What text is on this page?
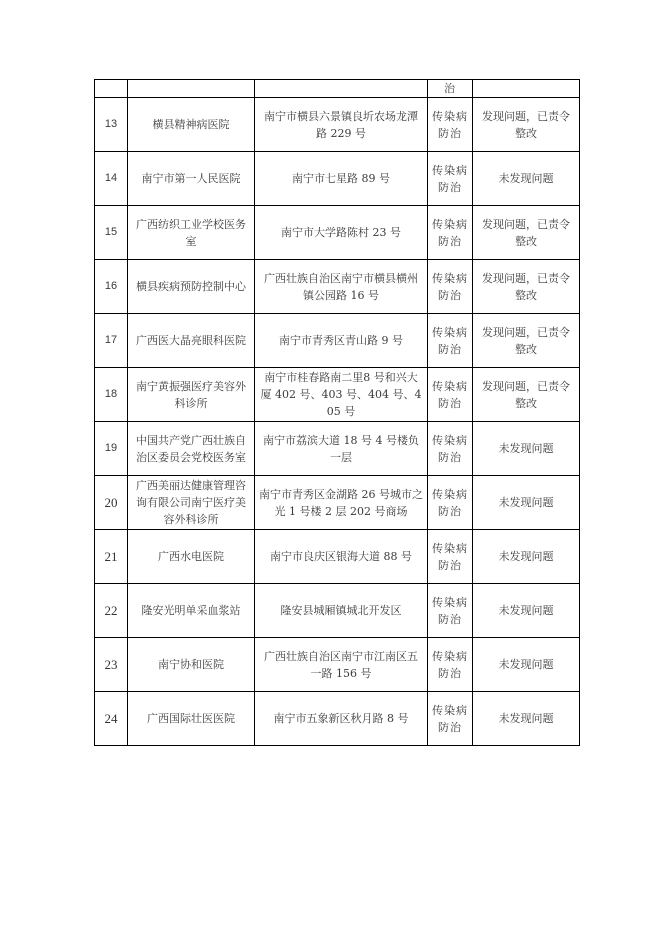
			治	
13	横县精神病医院	南宁市横县六景镇良圻农场龙潭路 229 号	传染病防治	发现问题，已责令整改
14	南宁市第一人民医院	南宁市七星路 89 号	传染病防治	未发现问题
15	广西纺织工业学校医务室	南宁市大学路陈村 23 号	传染病防治	发现问题，已责令整改
16	横县疾病预防控制中心	广西壮族自治区南宁市横县横州镇公园路 16 号	传染病防治	发现问题，已责令整改
17	广西医大晶亮眼科医院	南宁市青秀区青山路 9 号	传染病防治	发现问题，已责令整改
18	南宁黄振强医疗美容外科诊所	南宁市桂春路南二里8 号和兴大厦 402 号、403 号、404 号、405 号	传染病防治	发现问题，已责令整改
19	中国共产党广西壮族自治区委员会党校医务室	南宁市荔滨大道 18 号 4 号楼负一层	传染病防治	未发现问题
20	广西美丽达健康管理咨询有限公司南宁医疗美容外科诊所	南宁市青秀区金湖路 26 号城市之光 1 号楼 2 层 202 号商场	传染病防治	未发现问题
21	广西水电医院	南宁市良庆区银海大道 88 号	传染病防治	未发现问题
22	隆安光明单采血浆站	隆安县城厢镇城北开发区	传染病防治	未发现问题
23	南宁协和医院	广西壮族自治区南宁市江南区五一路 156 号	传染病防治	未发现问题
24	广西国际壮医医院	南宁市五象新区秋月路 8 号	传染病防治	未发现问题
